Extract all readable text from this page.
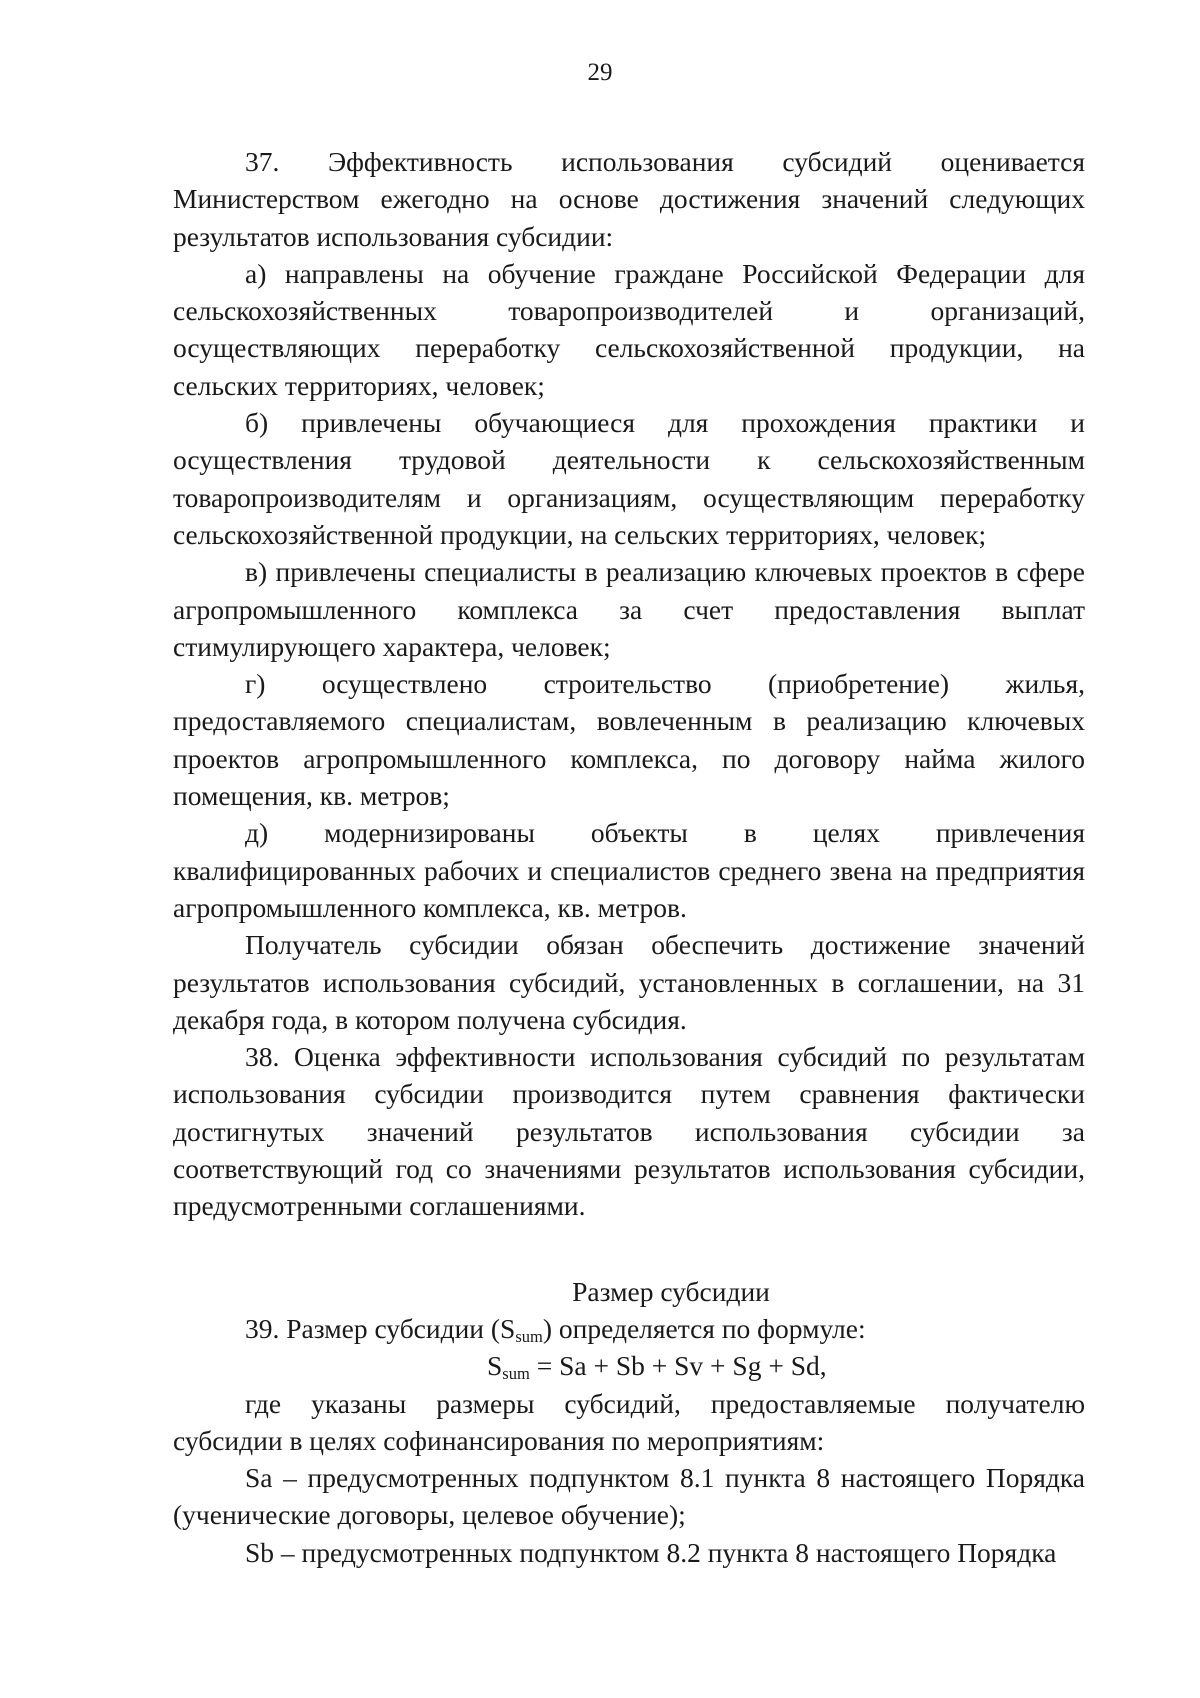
29

37. Эффективность использования субсидий оценивается Министерством ежегодно на основе достижения значений следующих результатов использования субсидии:

а) направлены на обучение граждане Российской Федерации для сельскохозяйственных товаропроизводителей и организаций, осуществляющих переработку сельскохозяйственной продукции, на сельских территориях, человек;

б) привлечены обучающиеся для прохождения практики и осуществления трудовой деятельности к сельскохозяйственным товаропроизводителям и организациям, осуществляющим переработку сельскохозяйственной продукции, на сельских территориях, человек;

в) привлечены специалисты в реализацию ключевых проектов в сфере агропромышленного комплекса за счет предоставления выплат стимулирующего характера, человек;

г) осуществлено строительство (приобретение) жилья, предоставляемого специалистам, вовлеченным в реализацию ключевых проектов агропромышленного комплекса, по договору найма жилого помещения, кв. метров;

д) модернизированы объекты в целях привлечения квалифицированных рабочих и специалистов среднего звена на предприятия агропромышленного комплекса, кв. метров.

Получатель субсидии обязан обеспечить достижение значений результатов использования субсидий, установленных в соглашении, на 31 декабря года, в котором получена субсидия.

38. Оценка эффективности использования субсидий по результатам использования субсидии производится путем сравнения фактически достигнутых значений результатов использования субсидии за соответствующий год со значениями результатов использования субсидии, предусмотренными соглашениями.

Размер субсидии

39. Размер субсидии $(S_{sum})$ определяется по формуле:

$S_{sum} = Sa + Sb + Sv + Sg + Sd$,

где указаны размеры субсидий, предоставляемые получателю субсидии в целях софинансирования по мероприятиям:

Sa – предусмотренных подпунктом 8.1 пункта 8 настоящего Порядка (ученические договоры, целевое обучение);

Sb – предусмотренных подпунктом 8.2 пункта 8 настоящего Порядка
